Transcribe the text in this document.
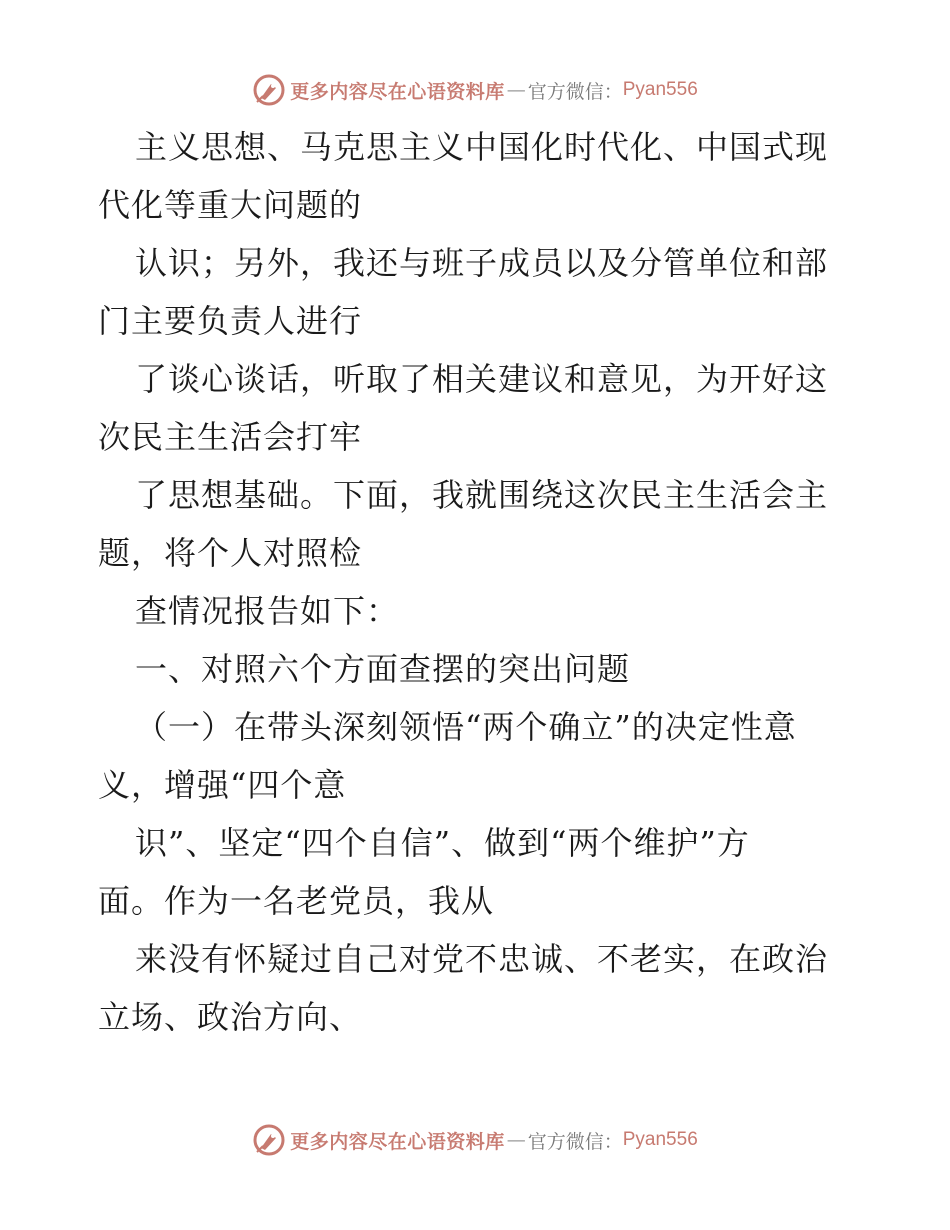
更多内容尽在心语资料库 — 官方微信： Pyan556
主义思想、马克思主义中国化时代化、中国式现
代化等重大问题的
认识；另外，我还与班子成员以及分管单位和部
门主要负责人进行
了谈心谈话，听取了相关建议和意见，为开好这
次民主生活会打牢
了思想基础。下面，我就围绕这次民主生活会主
题，将个人对照检
查情况报告如下：
一、对照六个方面查摆的突出问题
（一）在带头深刻领悟“两个确立”的决定性意
义，增强“四个意
识”、坚定“四个自信”、做到“两个维护”方
面。作为一名老党员，我从
来没有怀疑过自己对党不忠诚、不老实，在政治
立场、政治方向、
更多内容尽在心语资料库 — 官方微信： Pyan556
